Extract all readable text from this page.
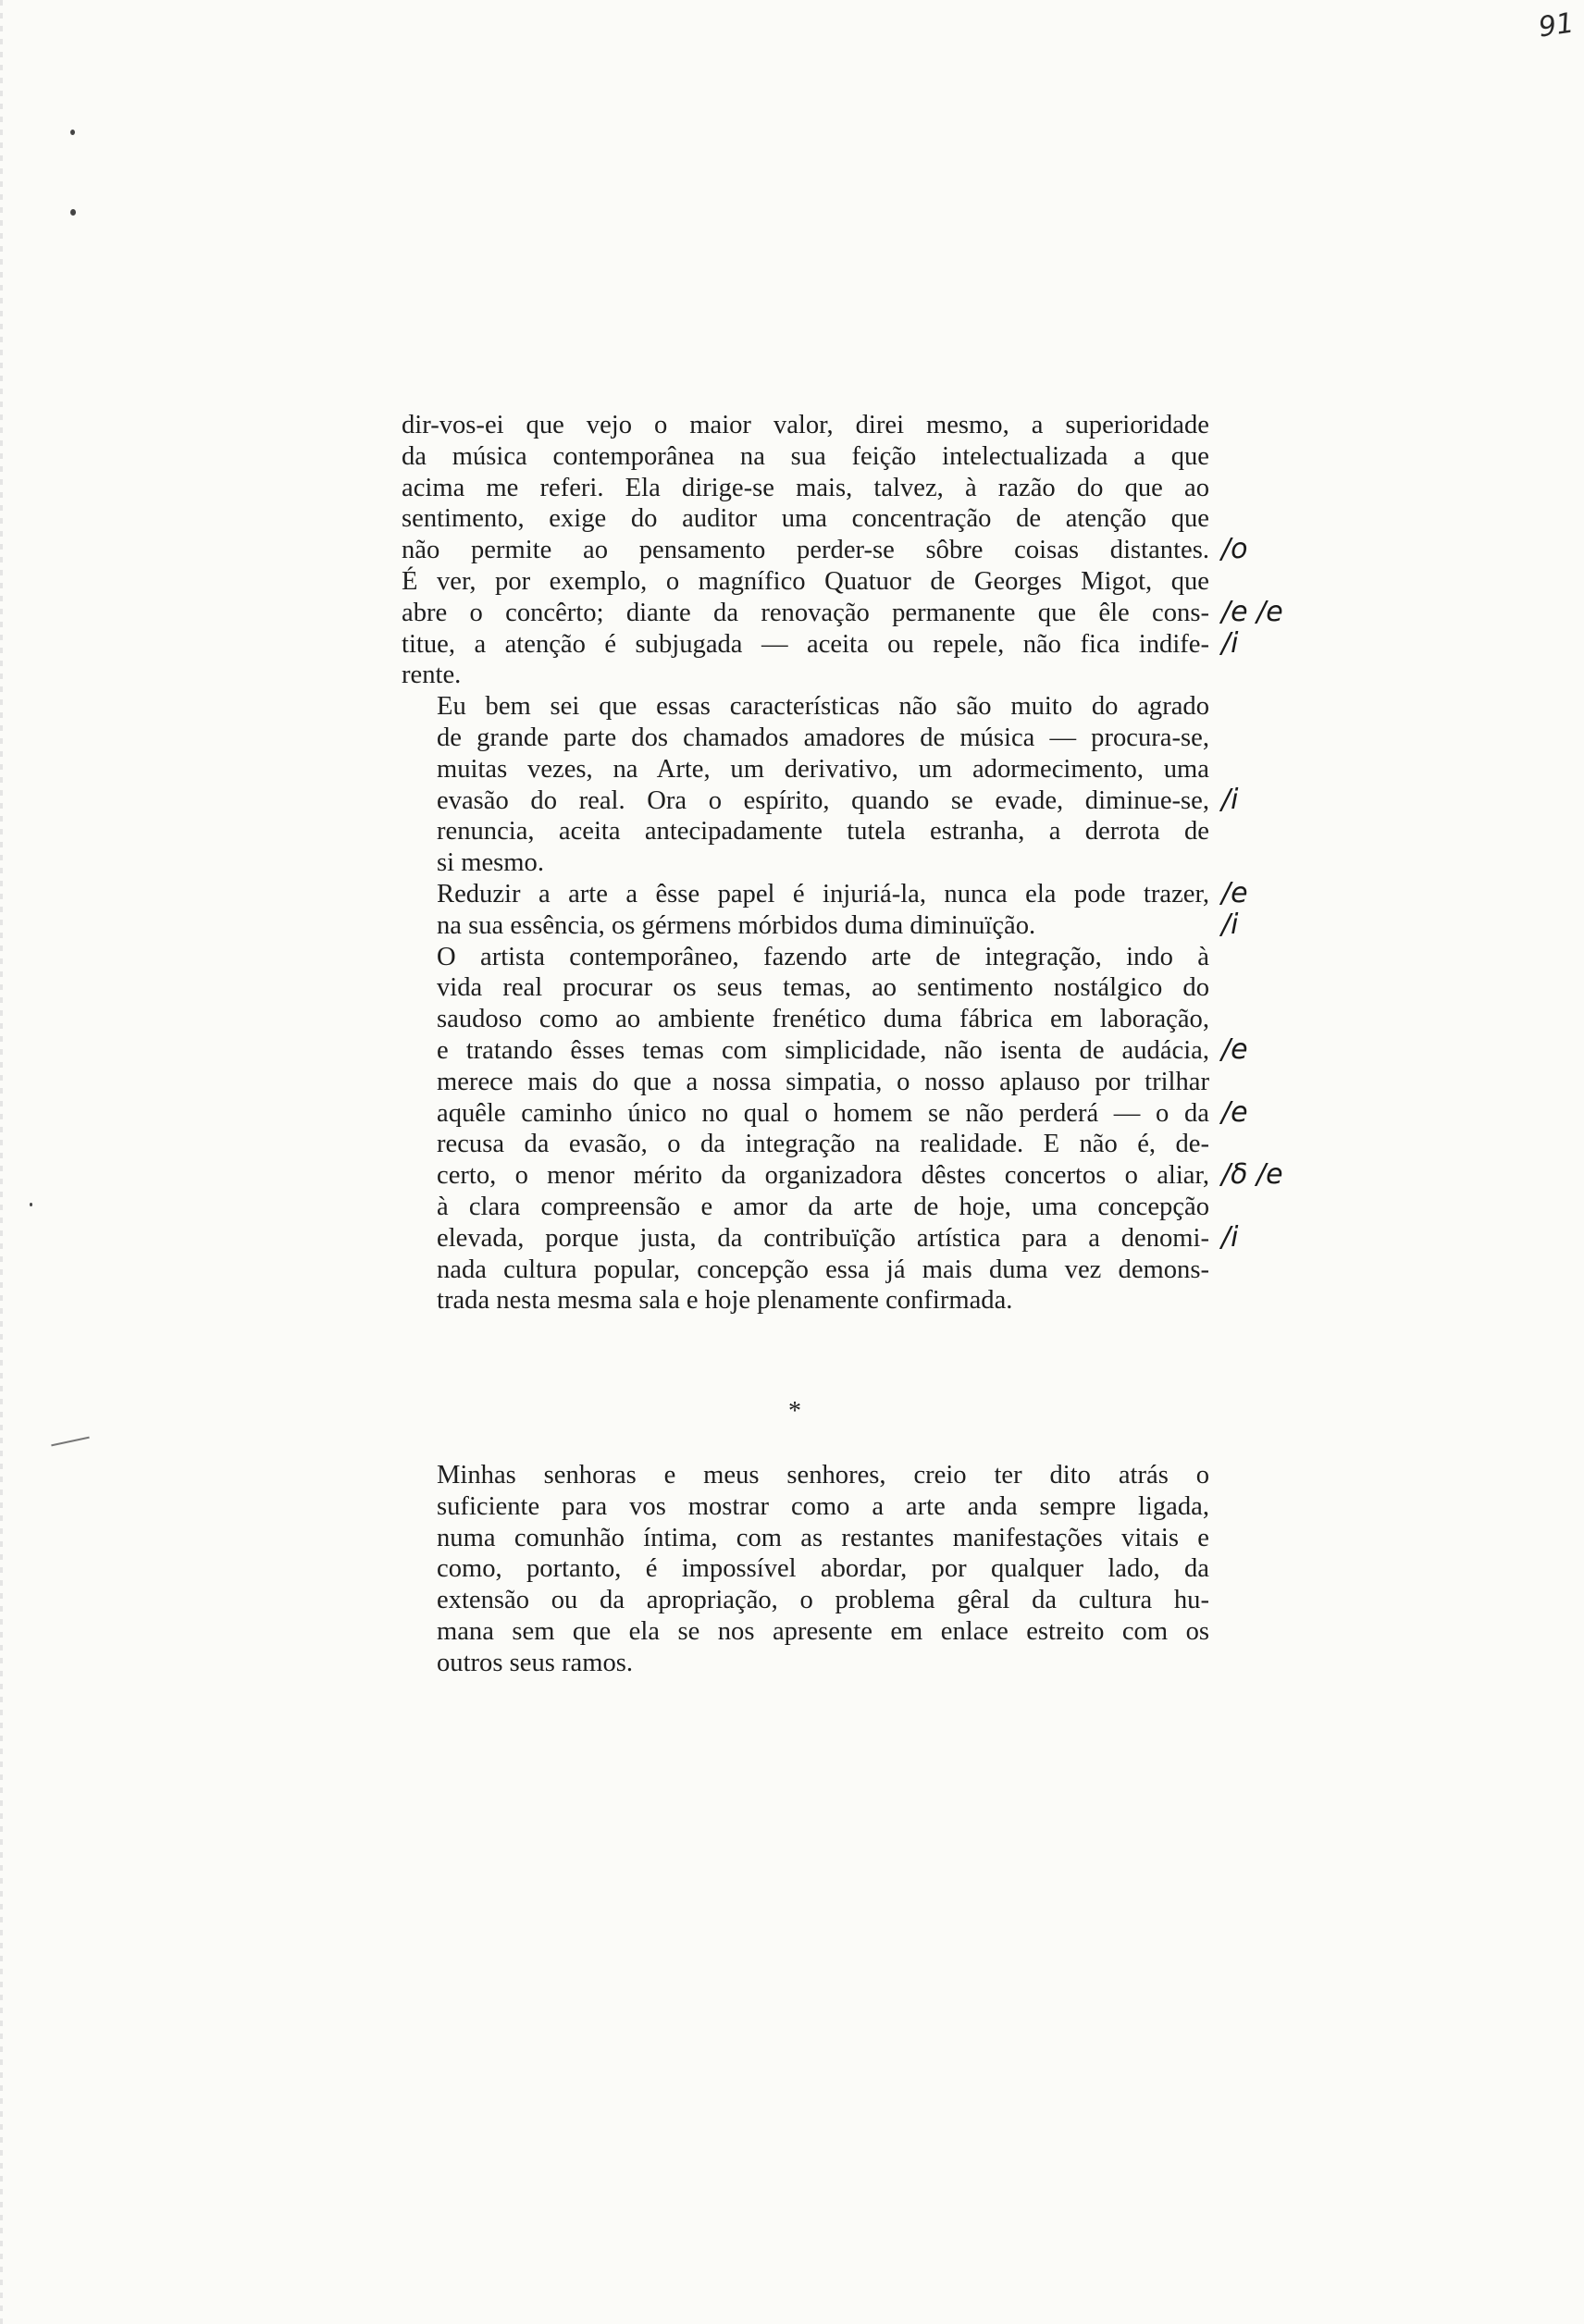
91

dir-vos-ei que vejo o maior valor, direi mesmo, a superioridade
da música contemporânea na sua feição intelectualizada a que
acima me referi. Ela dirige-se mais, talvez, à razão do que ao
sentimento, exige do auditor uma concentração de atenção que
não permite ao pensamento perder-se sôbre coisas distantes.
É ver, por exemplo, o magnífico Quatuor de Georges Migot, que
abre o concêrto; diante da renovação permanente que êle cons-
titue, a atenção é subjugada — aceita ou repele, não fica indife-
rente.

Eu bem sei que essas características não são muito do agrado
de grande parte dos chamados amadores de música — procura-se,
muitas vezes, na Arte, um derivativo, um adormecimento, uma
evasão do real. Ora o espírito, quando se evade, diminue-se,
renuncia, aceita antecipadamente tutela estranha, a derrota de
si mesmo.

Reduzir a arte a êsse papel é injuriá-la, nunca ela pode trazer,
na sua essência, os gérmens mórbidos duma diminuïção.

O artista contemporâneo, fazendo arte de integração, indo à
vida real procurar os seus temas, ao sentimento nostálgico do
saudoso como ao ambiente frenético duma fábrica em laboração,
e tratando êsses temas com simplicidade, não isenta de audácia,
merece mais do que a nossa simpatia, o nosso aplauso por trilhar
aquêle caminho único no qual o homem se não perderá — o da
recusa da evasão, o da integração na realidade. E não é, de-
certo, o menor mérito da organizadora dêstes concertos o aliar,
à clara compreensão e amor da arte de hoje, uma concepção
elevada, porque justa, da contribuïção artística para a denomi-
nada cultura popular, concepção essa já mais duma vez demons-
trada nesta mesma sala e hoje plenamente confirmada.

*

Minhas senhoras e meus senhores, creio ter dito atrás o
suficiente para vos mostrar como a arte anda sempre ligada,
numa comunhão íntima, com as restantes manifestações vitais e
como, portanto, é impossível abordar, por qualquer lado, da
extensão ou da apropriação, o problema gêral da cultura hu-
mana sem que ela se nos apresente em enlace estreito com os
outros seus ramos.

/o
/e /e
/i
/i
/e
/i
/e
/e
/δ /e
/i
